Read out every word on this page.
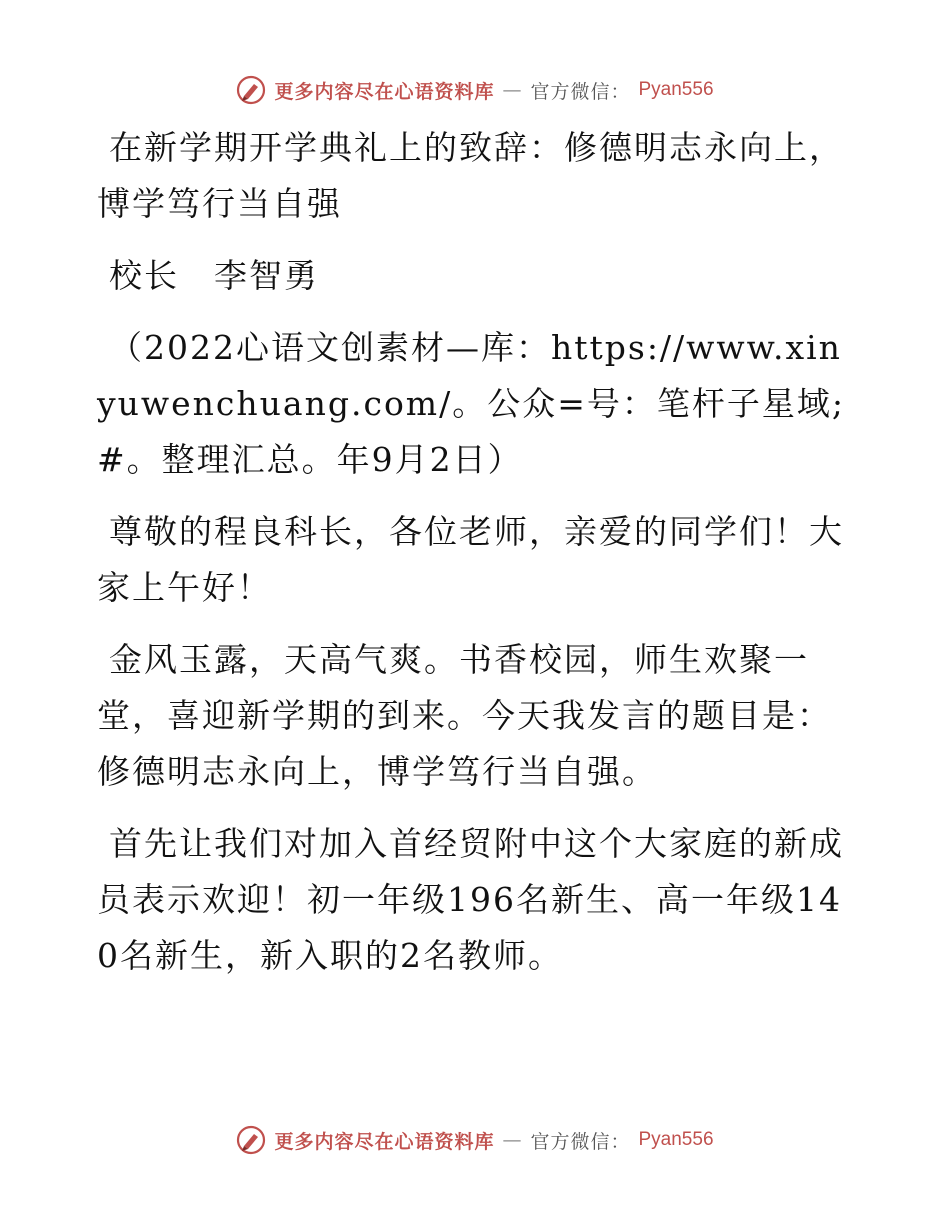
更多内容尽在心语资料库 — 官方微信： Pyan556

在新学期开学典礼上的致辞：修德明志永向上，博学笃行当自强

校长　李智勇

（2022心语文创素材—库：https://www.xinyuwenchuang.com/。公众=号：笔杆子星域;#。整理汇总。年9月2日）

尊敬的程良科长，各位老师，亲爱的同学们！大家上午好！

金风玉露，天高气爽。书香校园，师生欢聚一堂，喜迎新学期的到来。今天我发言的题目是：修德明志永向上，博学笃行当自强。

首先让我们对加入首经贸附中这个大家庭的新成员表示欢迎！初一年级196名新生、高一年级140名新生，新入职的2名教师。

更多内容尽在心语资料库 — 官方微信： Pyan556
